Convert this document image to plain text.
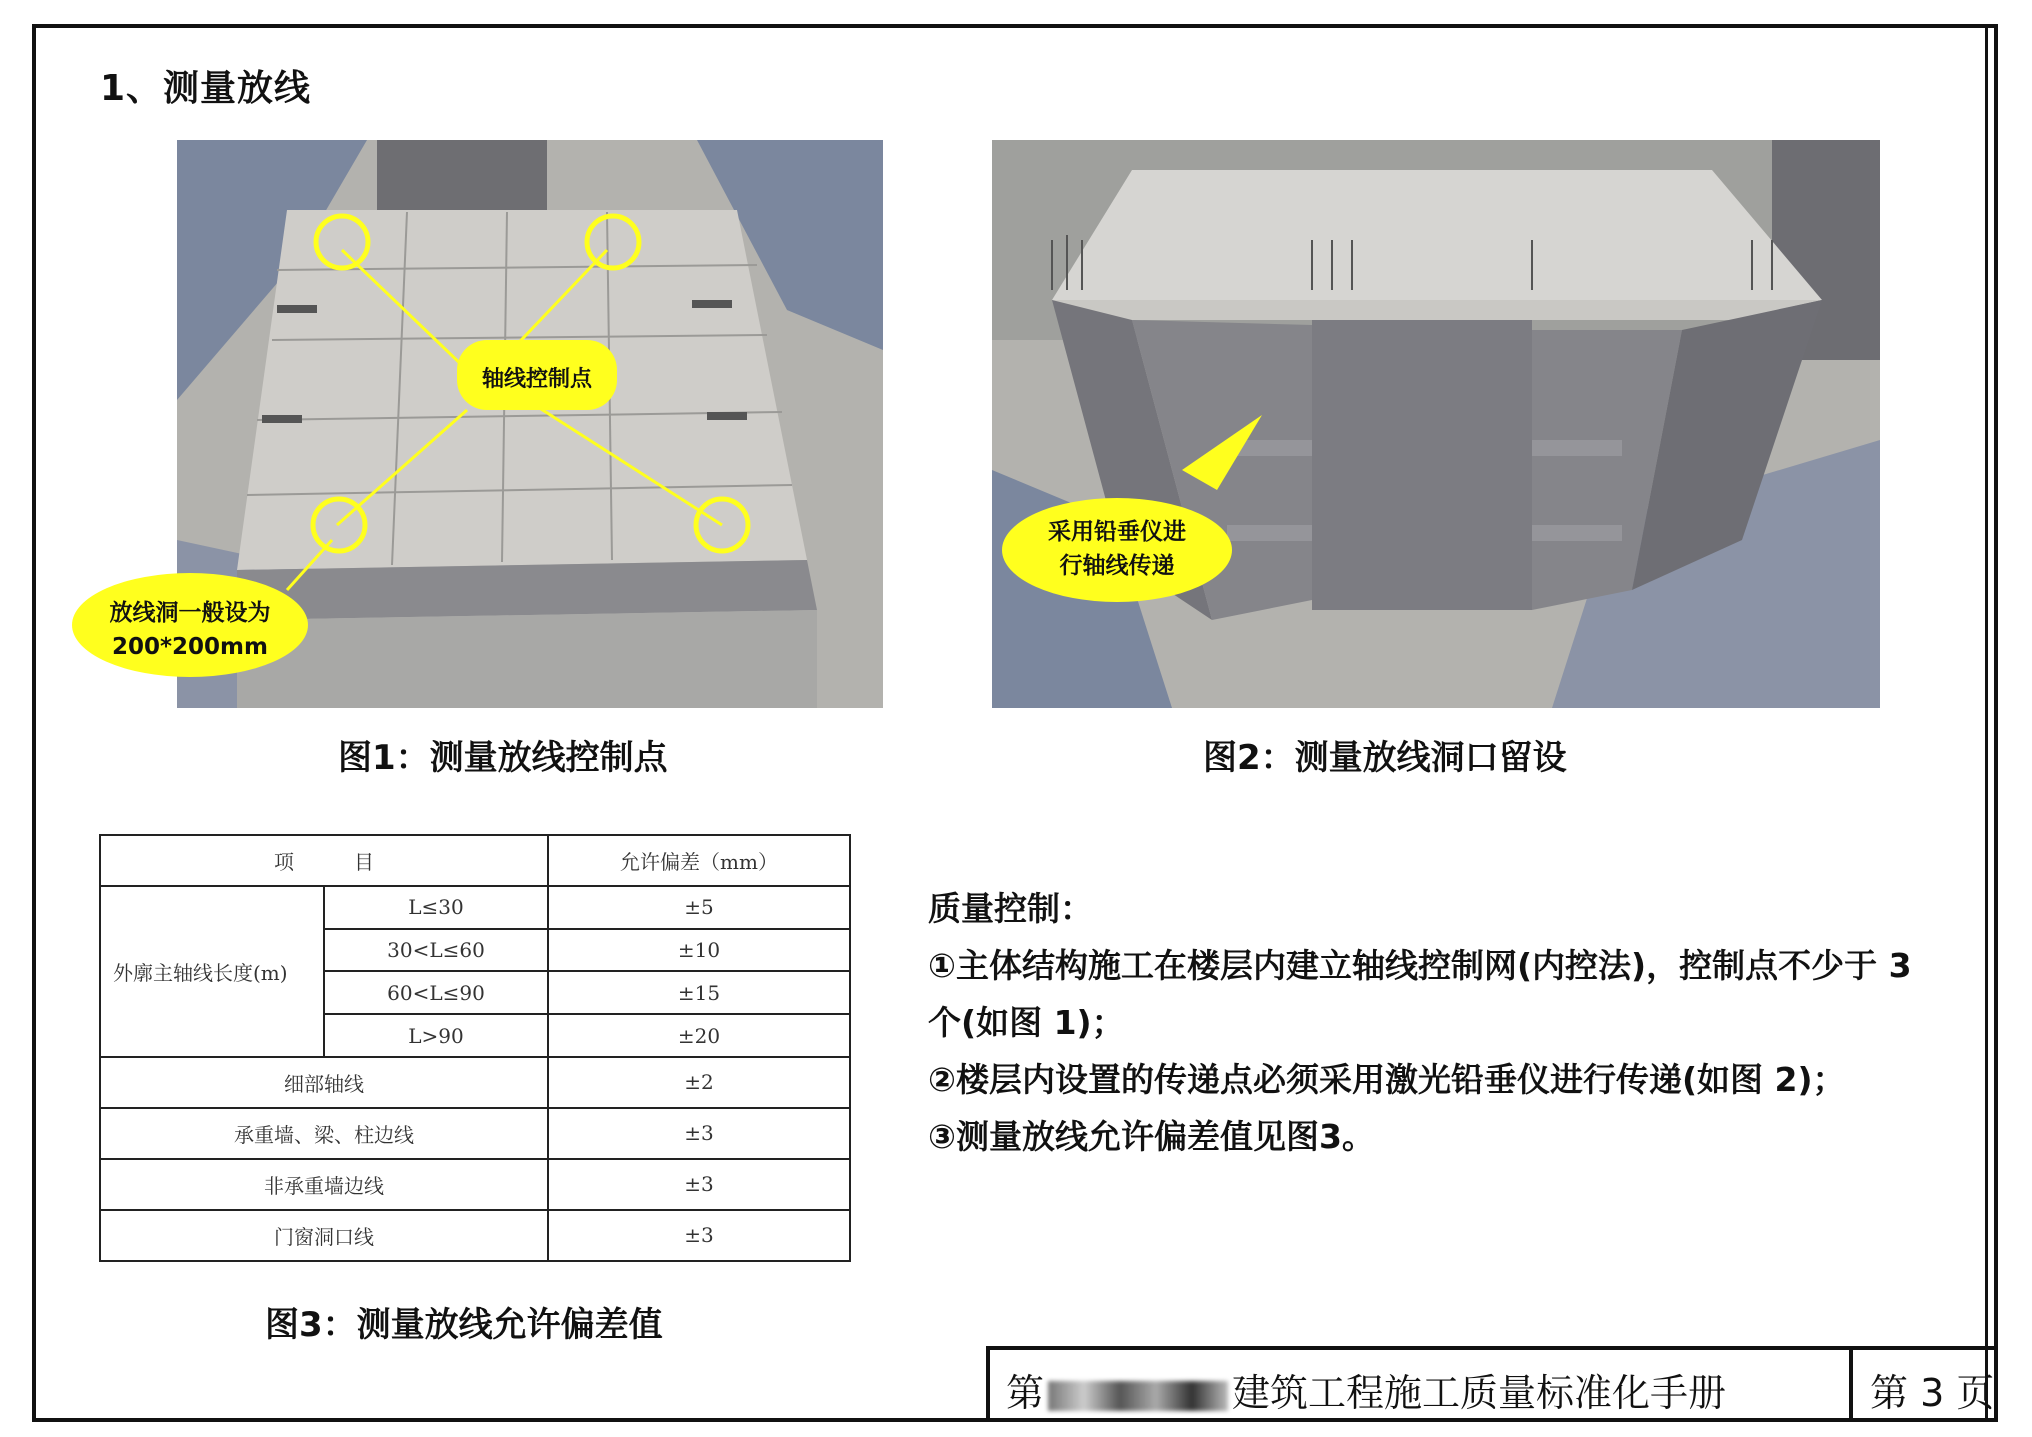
1、测量放线
轴线控制点
放线洞一般设为
200*200mm
图1：测量放线控制点
采用铅垂仪进
行轴线传递
图2：测量放线洞口留设
项　　　目		允许偏差（mm）
外廓主轴线长度(m)	L≤30	±5
	30<L≤60	±10
	60<L≤90	±15
	L>90	±20
细部轴线		±2
承重墙、梁、柱边线		±3
非承重墙边线		±3
门窗洞口线		±3
图3：测量放线允许偏差值

质量控制：

①主体结构施工在楼层内建立轴线控制网(内控法)，控制点不少于 3 个(如图 1)；

②楼层内设置的传递点必须采用激光铅垂仪进行传递(如图 2)；

③测量放线允许偏差值见图3。

第	建筑工程施工质量标准化手册	第 3 页
